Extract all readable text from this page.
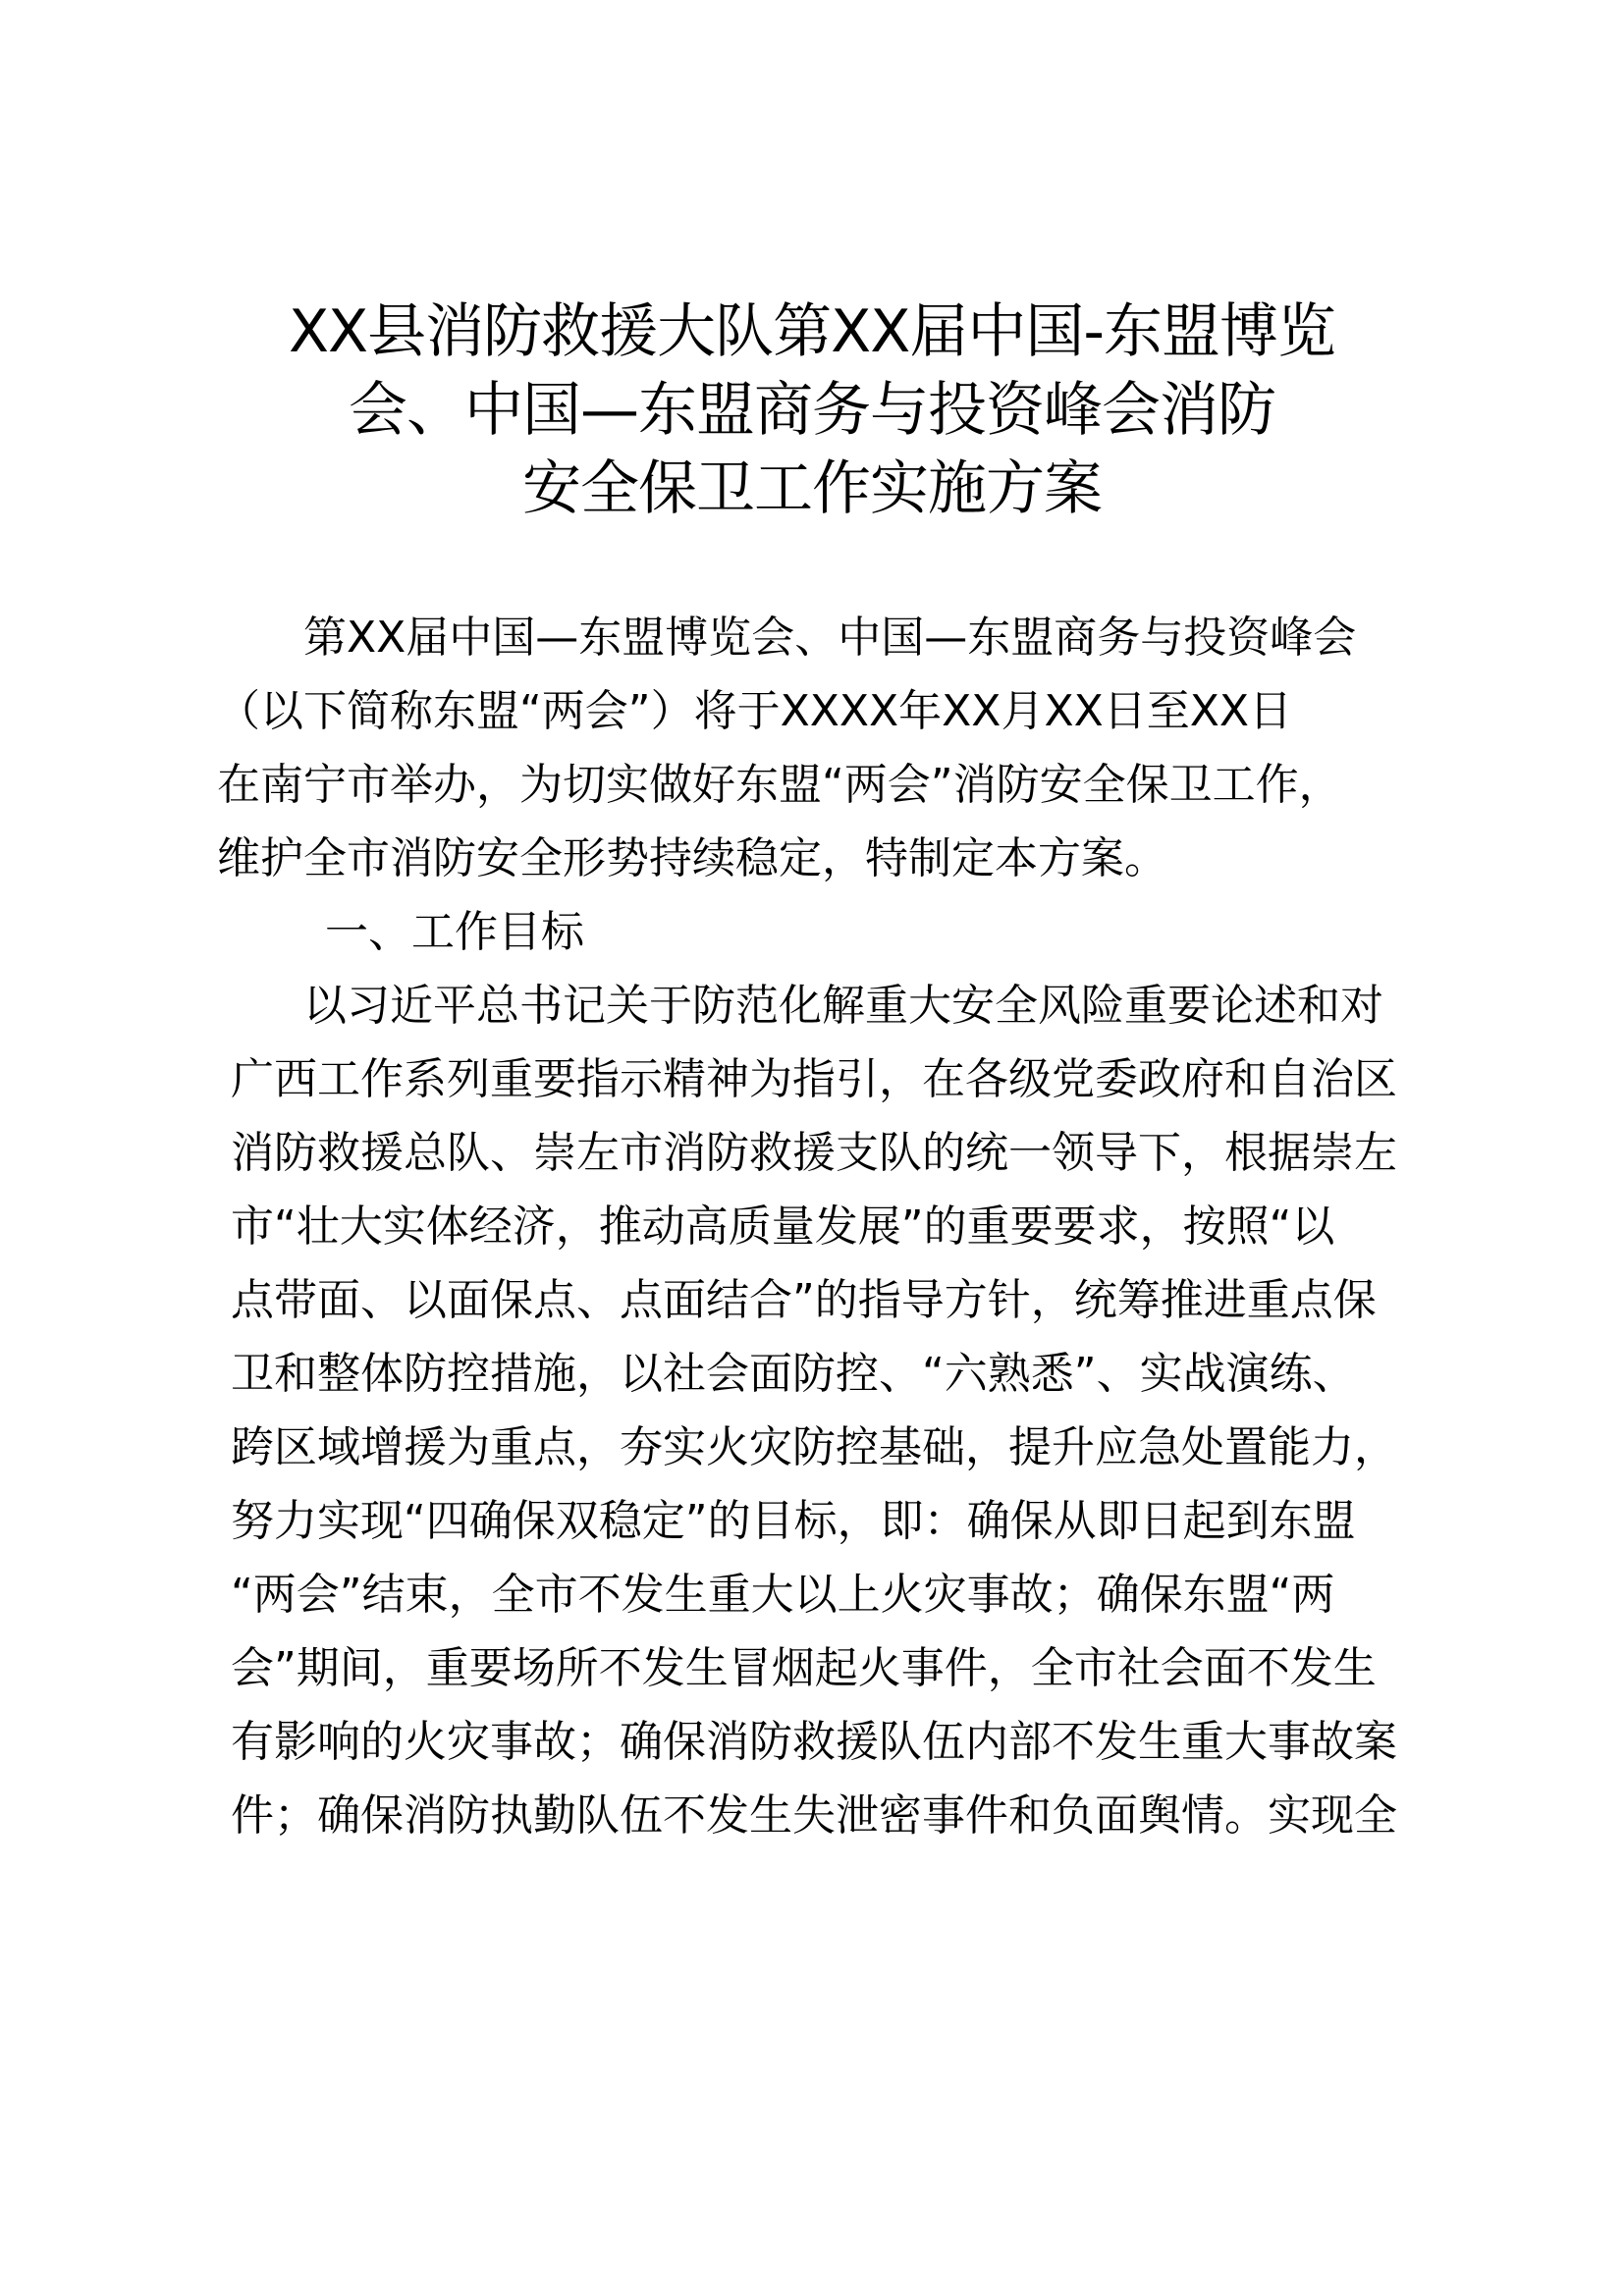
XX县消防救援大队第XX届中国-东盟博览
会、中国—东盟商务与投资峰会消防
安全保卫工作实施方案
第XX届中国—东盟博览会、中国—东盟商务与投资峰会
（以下简称东盟“两会”）将于XXXX年XX月XX日至XX日
在南宁市举办，为切实做好东盟“两会”消防安全保卫工作，
维护全市消防安全形势持续稳定，特制定本方案。
一、工作目标
以习近平总书记关于防范化解重大安全风险重要论述和对
广西工作系列重要指示精神为指引，在各级党委政府和自治区
消防救援总队、崇左市消防救援支队的统一领导下，根据崇左
市“壮大实体经济，推动高质量发展”的重要要求，按照“以
点带面、以面保点、点面结合”的指导方针，统筹推进重点保
卫和整体防控措施，以社会面防控、“六熟悉”、实战演练、
跨区域增援为重点，夯实火灾防控基础，提升应急处置能力，
努力实现“四确保双稳定”的目标，即：确保从即日起到东盟
“两会”结束，全市不发生重大以上火灾事故；确保东盟“两
会”期间，重要场所不发生冒烟起火事件，全市社会面不发生
有影响的火灾事故；确保消防救援队伍内部不发生重大事故案
件；确保消防执勤队伍不发生失泄密事件和负面舆情。实现全
